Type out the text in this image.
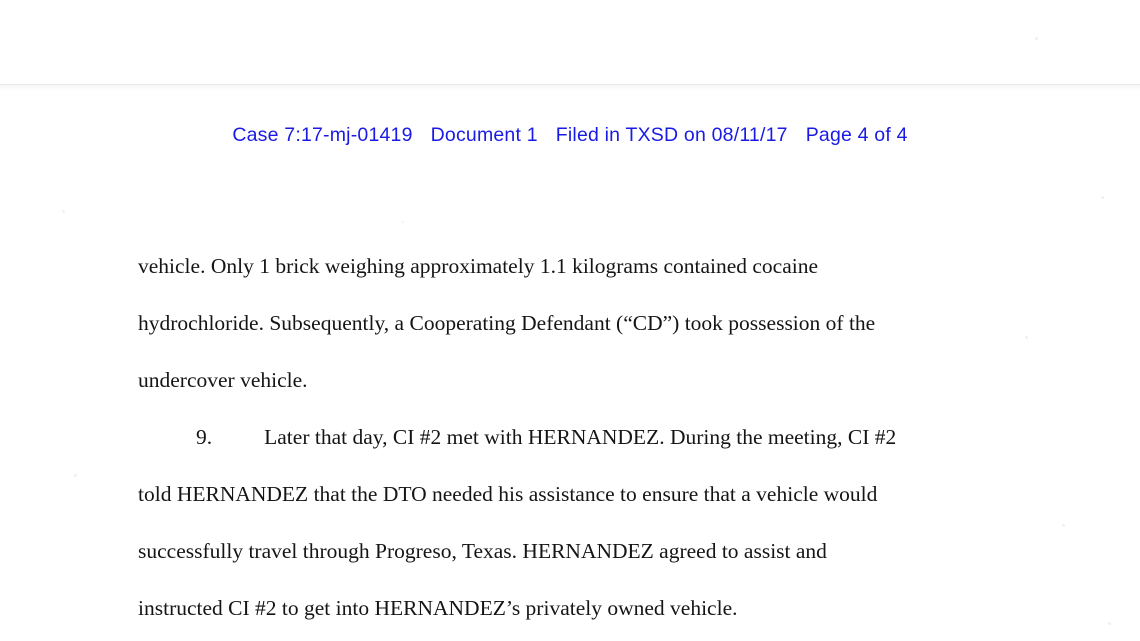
Case 7:17-mj-01419 Document 1 Filed in TXSD on 08/11/17 Page 4 of 4

vehicle. Only 1 brick weighing approximately 1.1 kilograms contained cocaine

hydrochloride. Subsequently, a Cooperating Defendant (“CD”) took possession of the

undercover vehicle.

9. Later that day, CI #2 met with HERNANDEZ. During the meeting, CI #2

told HERNANDEZ that the DTO needed his assistance to ensure that a vehicle would

successfully travel through Progreso, Texas. HERNANDEZ agreed to assist and

instructed CI #2 to get into HERNANDEZ’s privately owned vehicle.
